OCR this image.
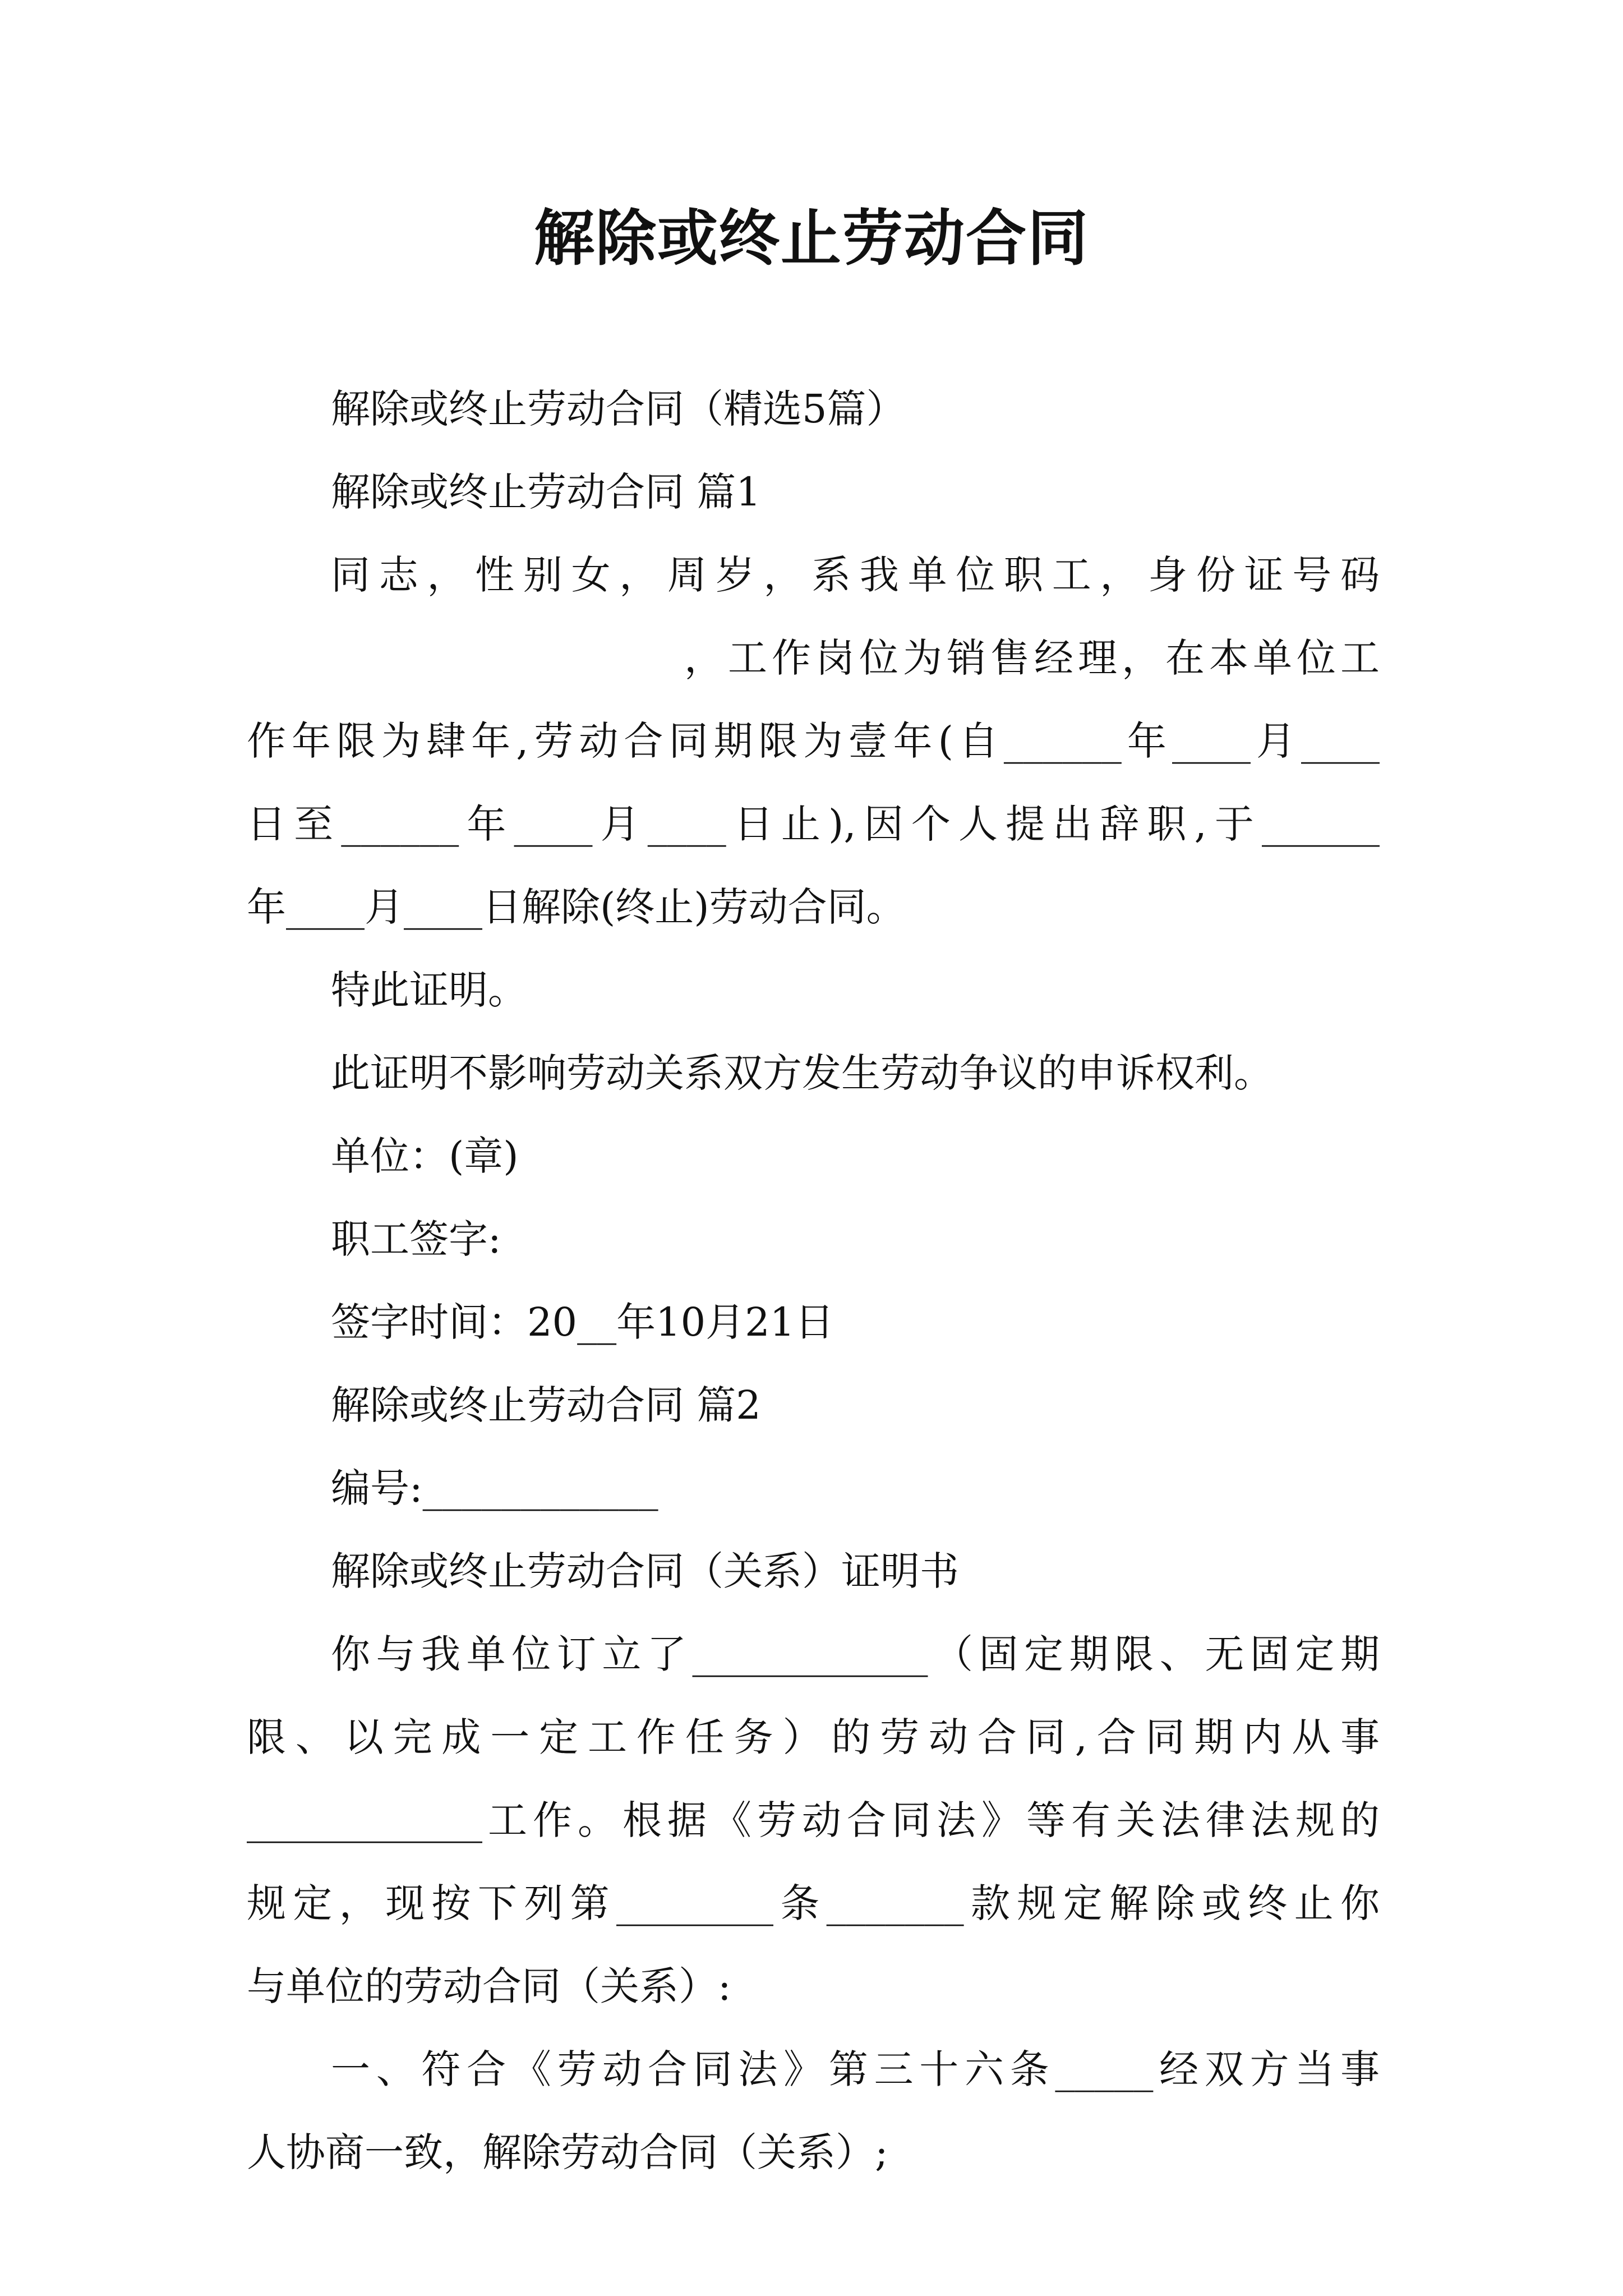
解除或终止劳动合同

解除或终止劳动合同（精选5篇）

解除或终止劳动合同 篇1

同志，性别女，周岁，系我单位职工，身份证号码

，工作岗位为销售经理，在本单位工

作年限为肆年,劳动合同期限为壹年(自______年____月____

日至______年____月____日止),因个人提出辞职,于______

年____月____日解除(终止)劳动合同。

特此证明。

此证明不影响劳动关系双方发生劳动争议的申诉权利。

单位：(章)

职工签字:

签字时间：20__年10月21日

解除或终止劳动合同 篇2

编号:____________

解除或终止劳动合同（关系）证明书

你与我单位订立了____________（固定期限、无固定期

限、以完成一定工作任务）的劳动合同,合同期内从事

____________工作。根据《劳动合同法》等有关法律法规的

规定，现按下列第________条_______款规定解除或终止你

与单位的劳动合同（关系）:

一、符合《劳动合同法》第三十六条_____经双方当事

人协商一致，解除劳动合同（关系）;
